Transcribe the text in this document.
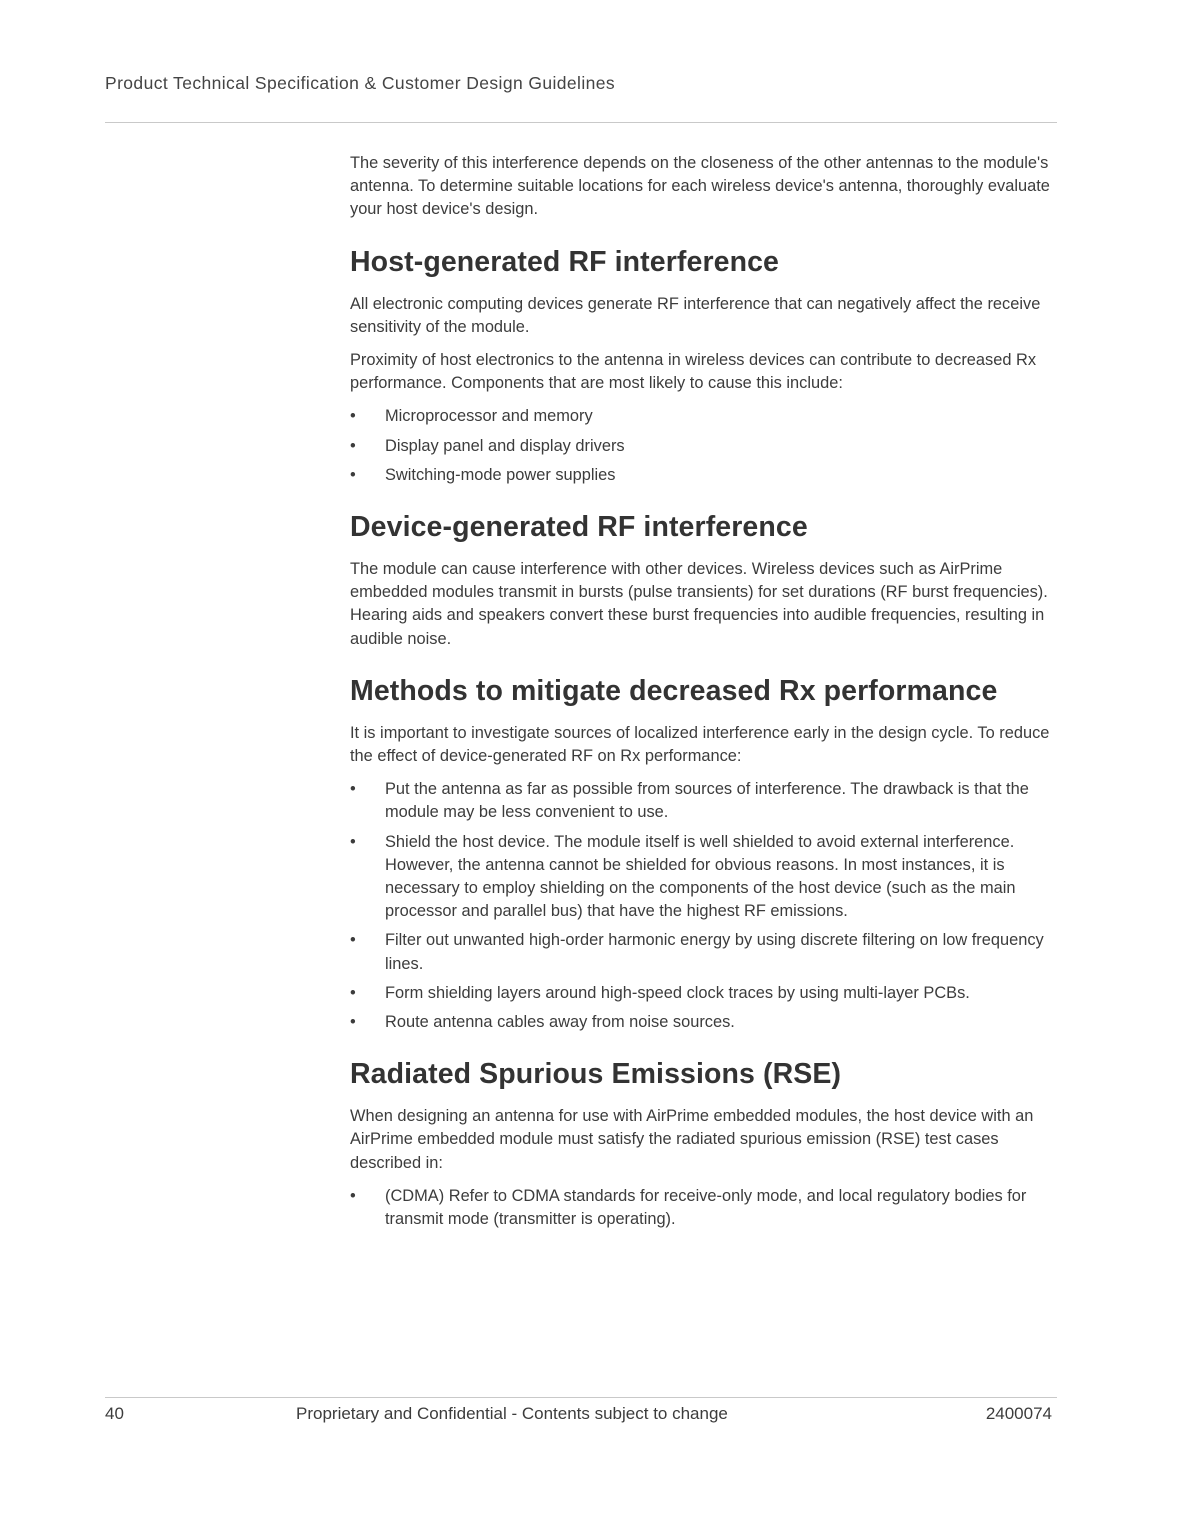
Product Technical Specification & Customer Design Guidelines

The severity of this interference depends on the closeness of the other antennas to the module's antenna. To determine suitable locations for each wireless device's antenna, thoroughly evaluate your host device's design.

Host-generated RF interference

All electronic computing devices generate RF interference that can negatively affect the receive sensitivity of the module.

Proximity of host electronics to the antenna in wireless devices can contribute to decreased Rx performance. Components that are most likely to cause this include:

• Microprocessor and memory
• Display panel and display drivers
• Switching-mode power supplies
Device-generated RF interference

The module can cause interference with other devices. Wireless devices such as AirPrime embedded modules transmit in bursts (pulse transients) for set durations (RF burst frequencies). Hearing aids and speakers convert these burst frequencies into audible frequencies, resulting in audible noise.

Methods to mitigate decreased Rx performance

It is important to investigate sources of localized interference early in the design cycle. To reduce the effect of device-generated RF on Rx performance:

• Put the antenna as far as possible from sources of interference. The drawback is that the module may be less convenient to use.
• Shield the host device. The module itself is well shielded to avoid external interference. However, the antenna cannot be shielded for obvious reasons. In most instances, it is necessary to employ shielding on the components of the host device (such as the main processor and parallel bus) that have the highest RF emissions.
• Filter out unwanted high-order harmonic energy by using discrete filtering on low frequency lines.
• Form shielding layers around high-speed clock traces by using multi-layer PCBs.
• Route antenna cables away from noise sources.
Radiated Spurious Emissions (RSE)

When designing an antenna for use with AirPrime embedded modules, the host device with an AirPrime embedded module must satisfy the radiated spurious emission (RSE) test cases described in:

• (CDMA) Refer to CDMA standards for receive-only mode, and local regulatory bodies for transmit mode (transmitter is operating).
40	Proprietary and Confidential - Contents subject to change	2400074
